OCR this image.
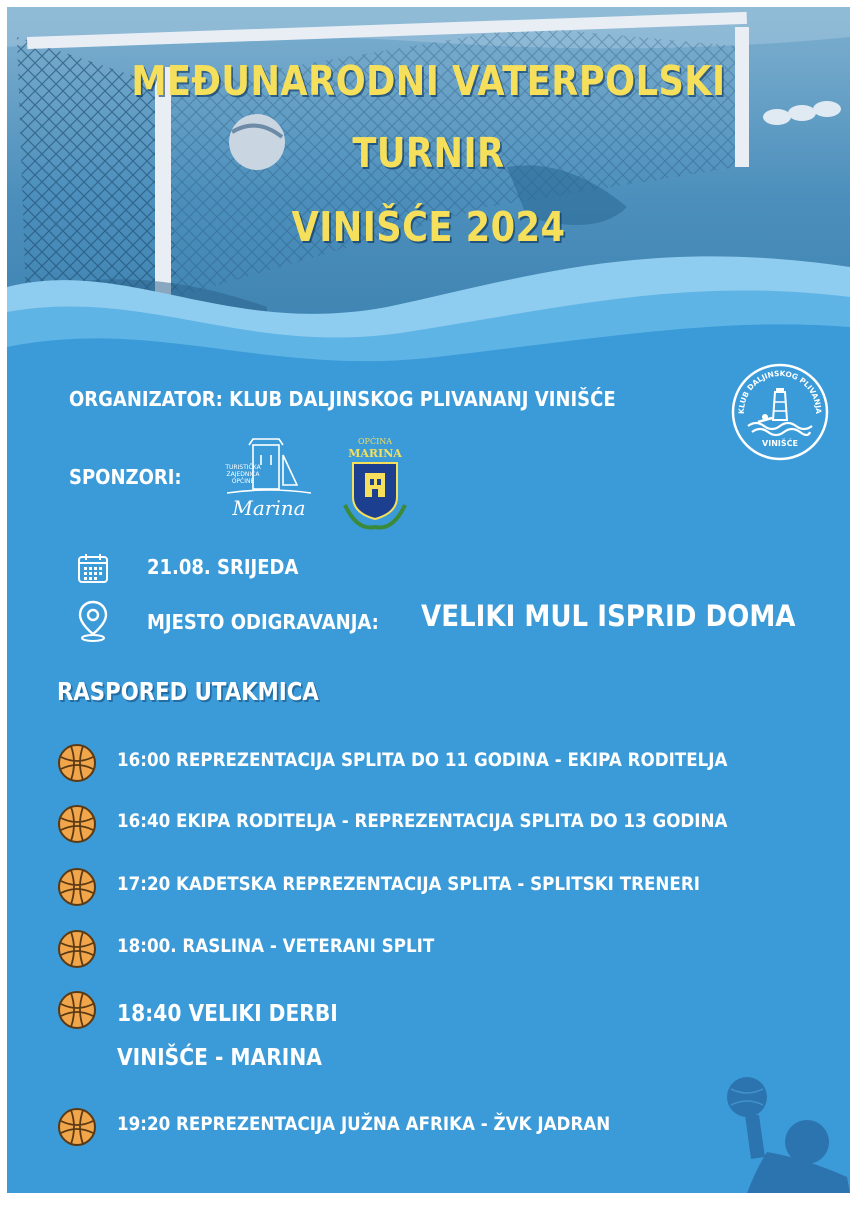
MEĐUNARODNI VATERPOLSKI
TURNIR
VINIŠĆE 2024
KLUB DALJINSKOG PLIVANJA
VINIŠĆE
ORGANIZATOR: KLUB DALJINSKOG PLIVANANJ VINIŠĆE
SPONZORI:	TURISTIČKA
ZAJEDNICA
OPĆINE
Marina
OPĆINA
MARINA
21.08. SRIJEDA
MJESTO ODIGRAVANJA: VELIKI MUL ISPRID DOMA
RASPORED UTAKMICA
16:00 REPREZENTACIJA SPLITA DO 11 GODINA - EKIPA RODITELJA
16:40 EKIPA RODITELJA - REPREZENTACIJA SPLITA DO 13 GODINA
17:20 KADETSKA REPREZENTACIJA SPLITA - SPLITSKI TRENERI
18:00. RASLINA - VETERANI SPLIT
18:40 VELIKI DERBI
VINIŠĆE - MARINA
19:20 REPREZENTACIJA JUŽNA AFRIKA - ŽVK JADRAN
